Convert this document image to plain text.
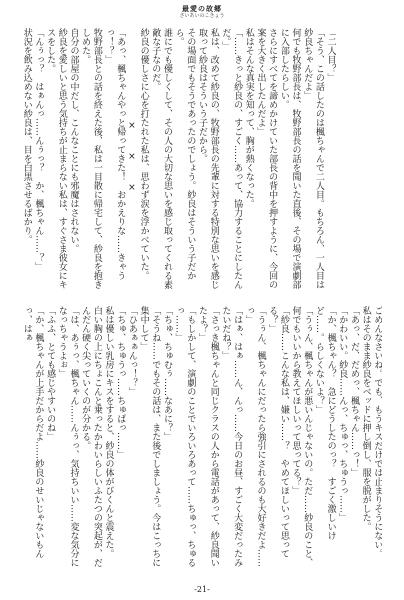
最愛の故郷
さいあいのこきょう

「二人目？」

「そう、この話したのは楓ちゃんで二人目。もちろん、一人目は紗良ちゃんだよ」

何でも牧野部長は、牧野部長の話を聞いた直後、その場で演劇部に入部したらしい。

さらにすべてを諦めかけていた部長の背中を押すように、今回の案を大きく出したんだよ」

私はそんな真実を知って、胸が熱くなった。

「……きっと紗良の、すごく……あって、協力することにしたんだ。」

私は、改めて紗良の、牧野部長の先輩に対する特別な思いを感じ取って紗良はそういう子だから。

その場面でもそうであったのでしょう。紗良はそういう子だから。

誰にでも優しくして、その人の大切な思いを感じ取ってくれる素敵な子なのだ。

紗良の優しさに心を打たれた私は、思わず涙を浮かべていた。

×　×　×

「あっ、楓ちゃんやっと帰ってきた！　おかえりな……きゃうっ！？」

牧野部長との話を終えた後、私は一目散に帰宅して、紗良を抱きしめた。

自分の部屋の中だし、こんなことにも邪魔はされない。

紗良を愛しいと思う気持ちが止まらない私は、すぐさま彼女にキスをした。

「んぅっ？　はぁんっ……んぅっ？　か、楓ちゃん……？」

状況を飲み込めない紗良は、目を白黒させるばかり。

ごめんなさいね。でも、もうキスだけでは止まりそうにない。

私はそのまま紗良をベッドに押し倒し、服を脱がした。

「あっ、だ、だめっ、楓ちゃん……っ！」

「かわいい。紗良……んっ、ちゅっ、ちゅうっ……」

「か、楓ちゃん？　急にどうしたのっ？　すごく激しいけど……。らしくないよ？」

「うぅん、楓ちゃんが悪いんじゃないの。ただ……紗良のこと、何でもいいから教えてほしいって思ってる？」

「紗良……こんな私は、嫌い……？　やめてほしいって思ってる？」

「うぅん、楓ちゃんにだったら強引にされるのも大好きだよ……っ」

「はぁ、はぁ……ん、んっ……今日のお昼、すごく大変だったみたいだね？」

「さっき楓ちゃんと同じクラスの人から電話があって、紗良聞いたよ？」

「もしかして、演劇のことでいろいろあって……ちゅっ、ちゅるっ……」

「ちゅ、ちゅむぅ……なあに？」

「そうね……でもその話は、また後でしましょう。今はこっちに集中して」

「ひあぁぁんっ！？」

「ちゅ、ちゅうっ……ちゅぱっ……」

私は優しい乳房にキスをすると、紗良の体がびくんと震えた。

白い胸の上にちょこんと乗ったかわいらしいふたつの突起が、だんだん硬く尖っていくのが分かる。

「は、あぅっ、楓ちゃん……んぅっ、気持ちいい……変な気分になっちゃうよぉ」

「ふふ、とても感じやすいのね」

「か、楓ちゃんが上手だからだよ……紗良のせいじゃないもんっ、はぁ

-21-
